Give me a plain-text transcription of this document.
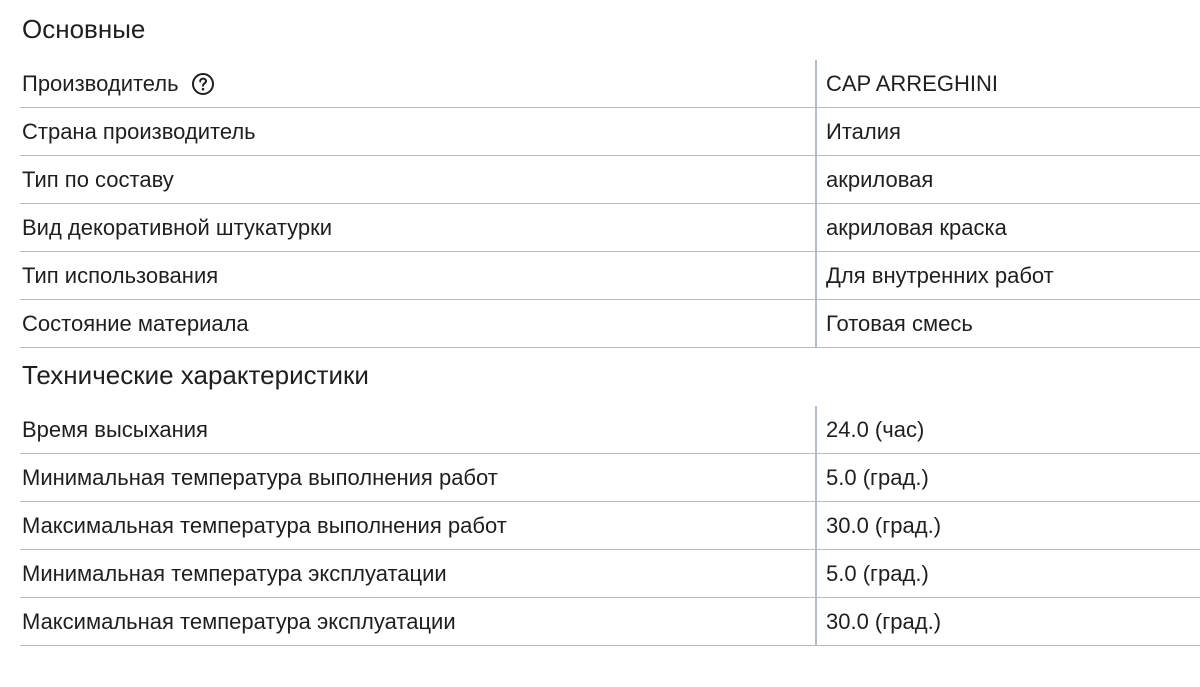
Основные
Производитель	CAP ARREGHINI
Страна производитель	Италия
Тип по составу	акриловая
Вид декоративной штукатурки	акриловая краска
Тип использования	Для внутренних работ
Состояние материала	Готовая смесь
Технические характеристики
Время высыхания	24.0 (час)
Минимальная температура выполнения работ	5.0 (град.)
Максимальная температура выполнения работ	30.0 (град.)
Минимальная температура эксплуатации	5.0 (град.)
Максимальная температура эксплуатации	30.0 (град.)
